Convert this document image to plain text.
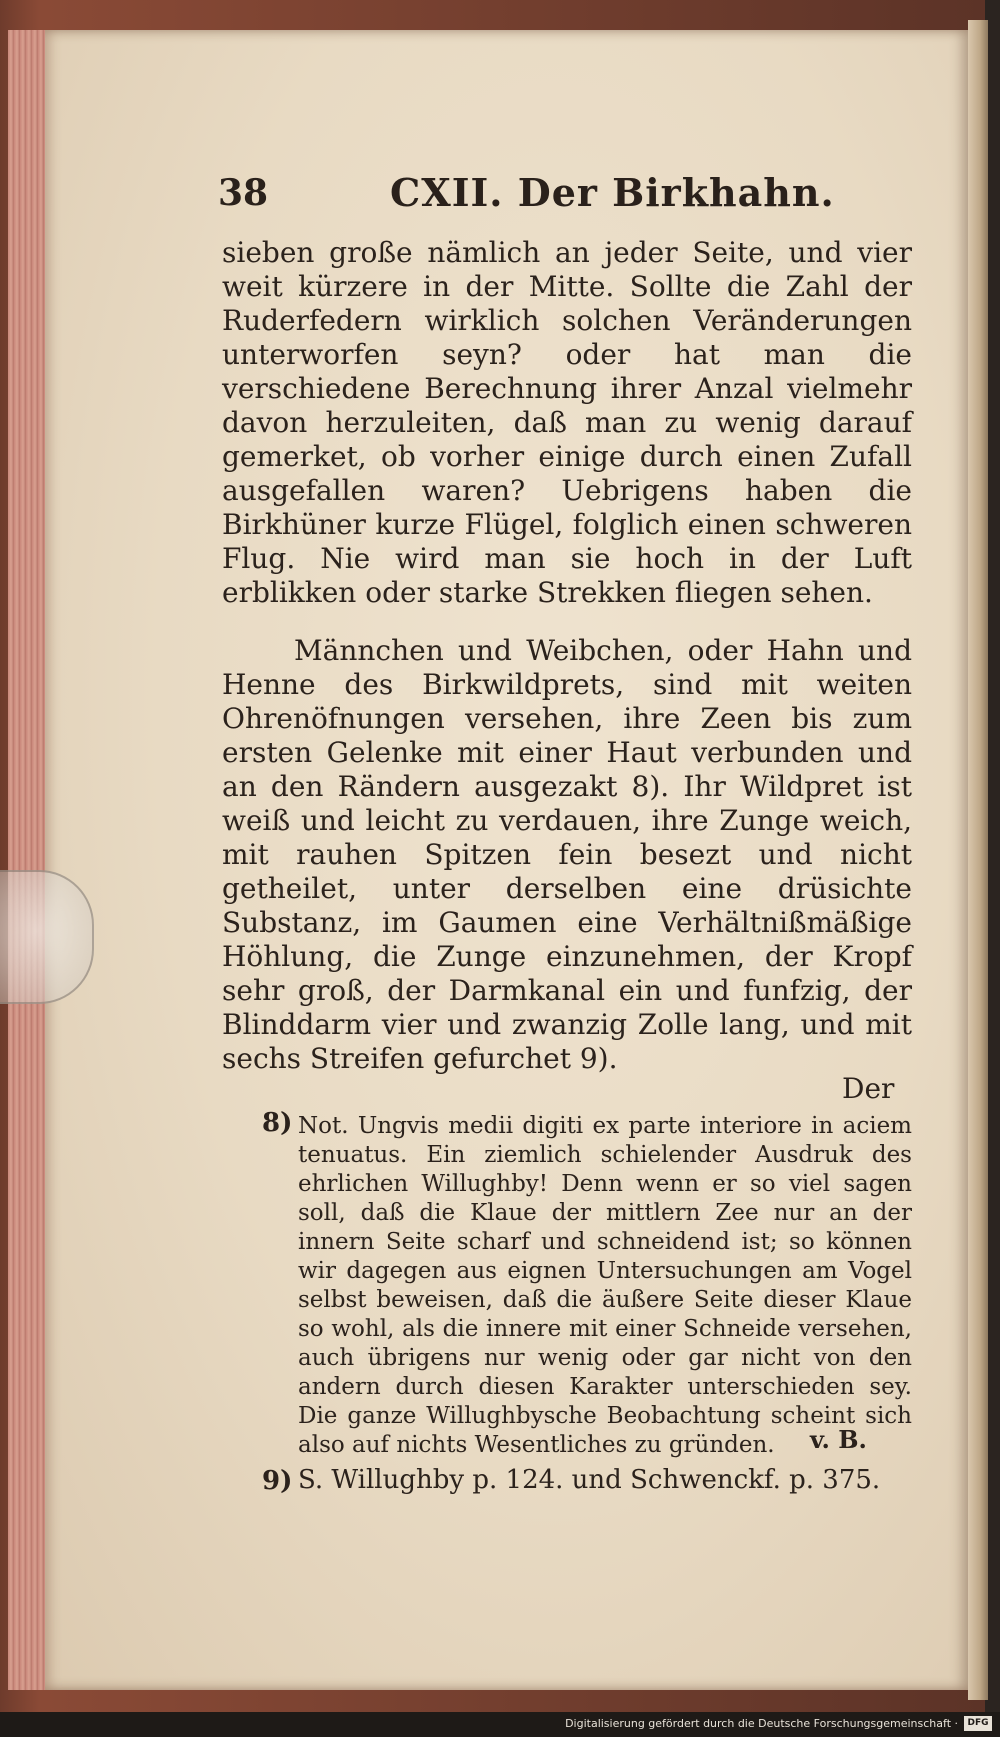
38	CXII. Der Birkhahn.
sieben große nämlich an jeder Seite, und vier weit kürzere in der Mitte. Sollte die Zahl der Ruderfedern wirklich solchen Veränderungen unterworfen seyn? oder hat man die verschiedene Berechnung ihrer Anzal vielmehr davon herzuleiten, daß man zu wenig darauf gemerket, ob vorher einige durch einen Zufall ausgefallen waren? Uebrigens haben die Birkhüner kurze Flügel, folglich einen schweren Flug. Nie wird man sie hoch in der Luft erblikken oder starke Strekken fliegen sehen.
Männchen und Weibchen, oder Hahn und Henne des Birkwildprets, sind mit weiten Ohrenöfnungen versehen, ihre Zeen bis zum ersten Gelenke mit einer Haut verbunden und an den Rändern ausgezakt 8). Ihr Wildpret ist weiß und leicht zu verdauen, ihre Zunge weich, mit rauhen Spitzen fein besezt und nicht getheilet, unter derselben eine drüsichte Substanz, im Gaumen eine Verhältnißmäßige Höhlung, die Zunge einzunehmen, der Kropf sehr groß, der Darmkanal ein und funfzig, der Blinddarm vier und zwanzig Zolle lang, und mit sechs Streifen gefurchet 9).
Der
8) Not. Ungvis medii digiti ex parte interiore in aciem tenuatus. Ein ziemlich schielender Ausdruk des ehrlichen Willughby! Denn wenn er so viel sagen soll, daß die Klaue der mittlern Zee nur an der innern Seite scharf und schneidend ist; so können wir dagegen aus eignen Untersuchungen am Vogel selbst beweisen, daß die äußere Seite dieser Klaue so wohl, als die innere mit einer Schneide versehen, auch übrigens nur wenig oder gar nicht von den andern durch diesen Karakter unterschieden sey. Die ganze Willughbysche Beobachtung scheint sich also auf nichts Wesentliches zu gründen.	v. B.
9) S. Willughby p. 124. und Schwenckf. p. 375.
Digitalisierung gefördert durch die Deutsche Forschungsgemeinschaft ·	DFG
